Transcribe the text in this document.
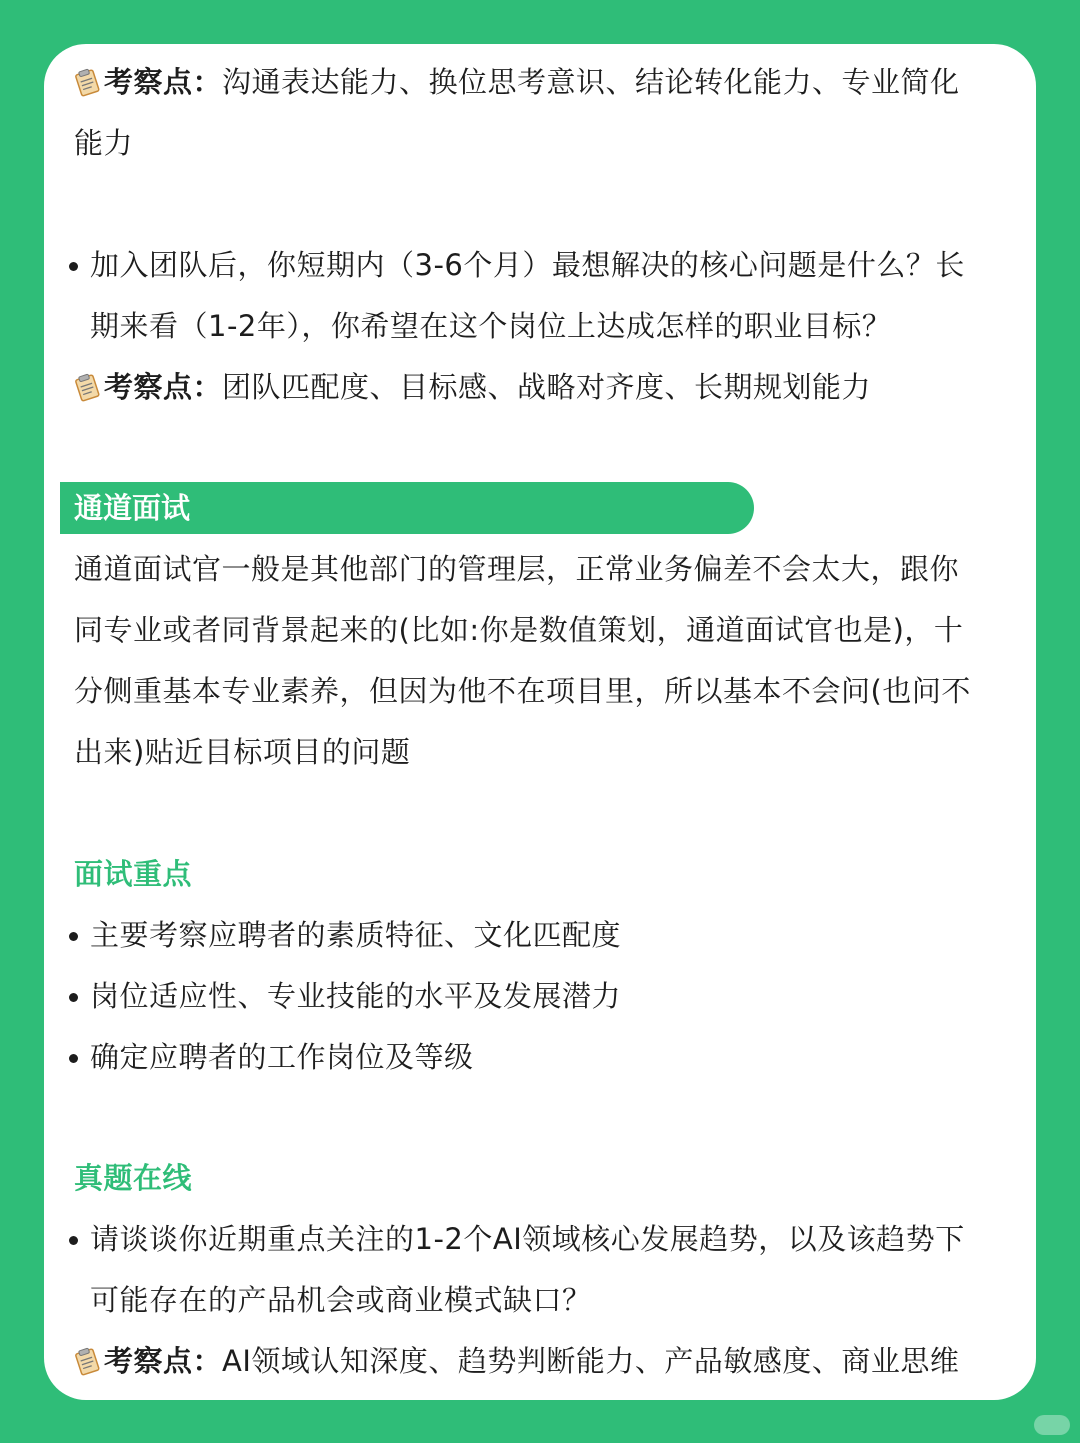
考察点：沟通表达能力、换位思考意识、结论转化能力、专业简化
能力
加入团队后，你短期内（3-6个月）最想解决的核心问题是什么？长
期来看（1-2年），你希望在这个岗位上达成怎样的职业目标？
考察点：团队匹配度、目标感、战略对齐度、长期规划能力
通道面试
通道面试官一般是其他部门的管理层，正常业务偏差不会太大，跟你
同专业或者同背景起来的(比如:你是数值策划，通道面试官也是)，十
分侧重基本专业素养，但因为他不在项目里，所以基本不会问(也问不
出来)贴近目标项目的问题
面试重点
主要考察应聘者的素质特征、文化匹配度
岗位适应性、专业技能的水平及发展潜力
确定应聘者的工作岗位及等级
真题在线
请谈谈你近期重点关注的1-2个AI领域核心发展趋势，以及该趋势下
可能存在的产品机会或商业模式缺口？
考察点：AI领域认知深度、趋势判断能力、产品敏感度、商业思维
